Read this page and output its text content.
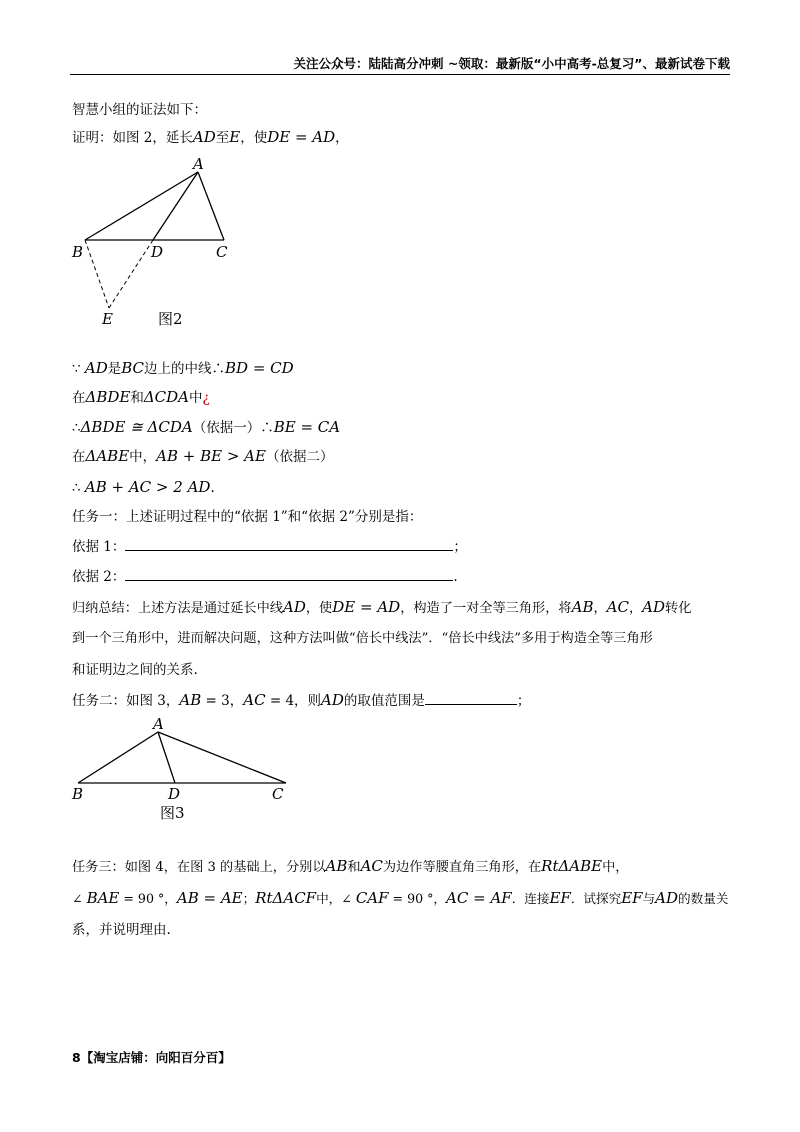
关注公众号：陆陆高分冲刺 ~领取：最新版“小中高考-总复习”、最新试卷下载
智慧小组的证法如下：
证明：如图 2，延长AD至E，使DE = AD，
A
B	D	C
E	图2
A
B	D	C
图3
∵ AD是BC边上的中线∴BD = CD
在ΔBDE和ΔCDA中¿
∴ΔBDE ≅ ΔCDA（依据一）∴BE = CA
在ΔABE中，AB + BE > AE（依据二）
∴ AB + AC > 2 AD.
任务一：上述证明过程中的“依据 1”和“依据 2”分别是指：
依据 1：	；
依据 2：	.
归纳总结：上述方法是通过延长中线AD，使DE = AD，构造了一对全等三角形，将AB，AC，AD转化
到一个三角形中，进而解决问题，这种方法叫做“倍长中线法”．“倍长中线法”多用于构造全等三角形
和证明边之间的关系.
任务二：如图 3，AB = 3，AC = 4，则AD的取值范围是	；
任务三：如图 4，在图 3 的基础上，分别以AB和AC为边作等腰直角三角形，在RtΔABE中，
∠ BAE = 90 °，AB = AE；RtΔACF中，∠ CAF = 90 °，AC = AF．连接EF．试探究EF与AD的数量关
系，并说明理由.
8【淘宝店铺：向阳百分百】
